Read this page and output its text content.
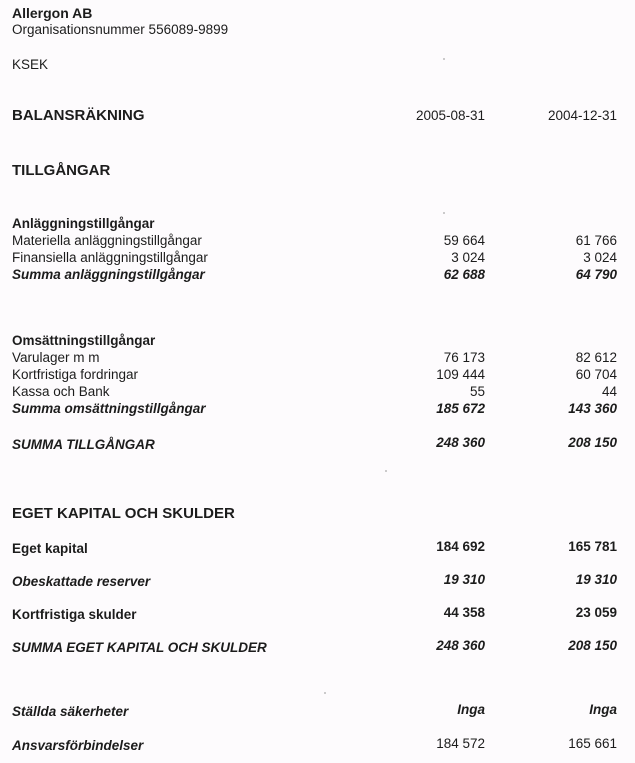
Allergon AB
Organisationsnummer 556089-9899
KSEK
BALANSRÄKNING	2005-08-31	2004-12-31
TILLGÅNGAR
Anläggningstillgångar
Materiella anläggningstillgångar	59 664	61 766
Finansiella anläggningstillgångar	3 024	3 024
Summa anläggningstillgångar	62 688	64 790
Omsättningstillgångar
Varulager m m	76 173	82 612
Kortfristiga fordringar	109 444	60 704
Kassa och Bank	55	44
Summa omsättningstillgångar	185 672	143 360
SUMMA TILLGÅNGAR	248 360	208 150
EGET KAPITAL OCH SKULDER
Eget kapital	184 692	165 781
Obeskattade reserver	19 310	19 310
Kortfristiga skulder	44 358	23 059
SUMMA EGET KAPITAL OCH SKULDER	248 360	208 150
Ställda säkerheter	Inga	Inga
Ansvarsförbindelser	184 572	165 661
